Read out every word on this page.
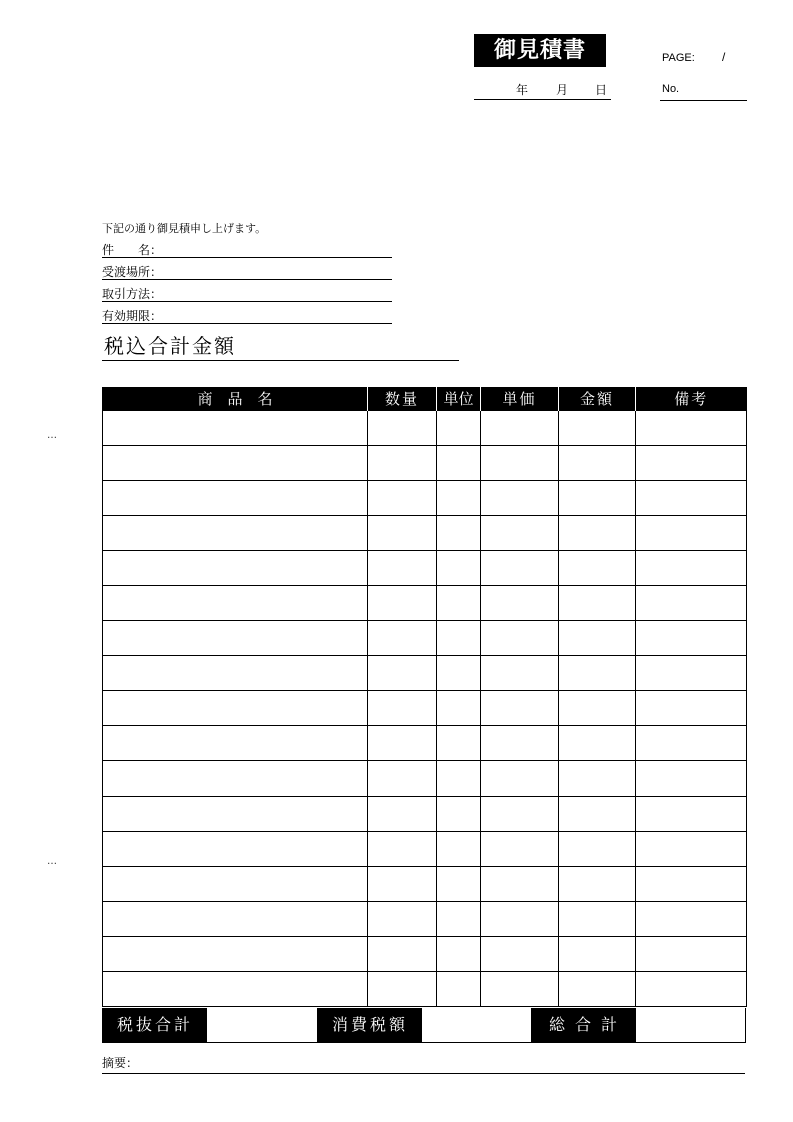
御見積書
年 月 日
PAGE: /
No.
下記の通り御見積申し上げます。
件　名：
受渡場所：
取引方法：
有効期限：
税込合計金額
商　品　名	数量	単位	単価	金額	備考

税抜合計	消費税額	総合計
摘要：
…
…
